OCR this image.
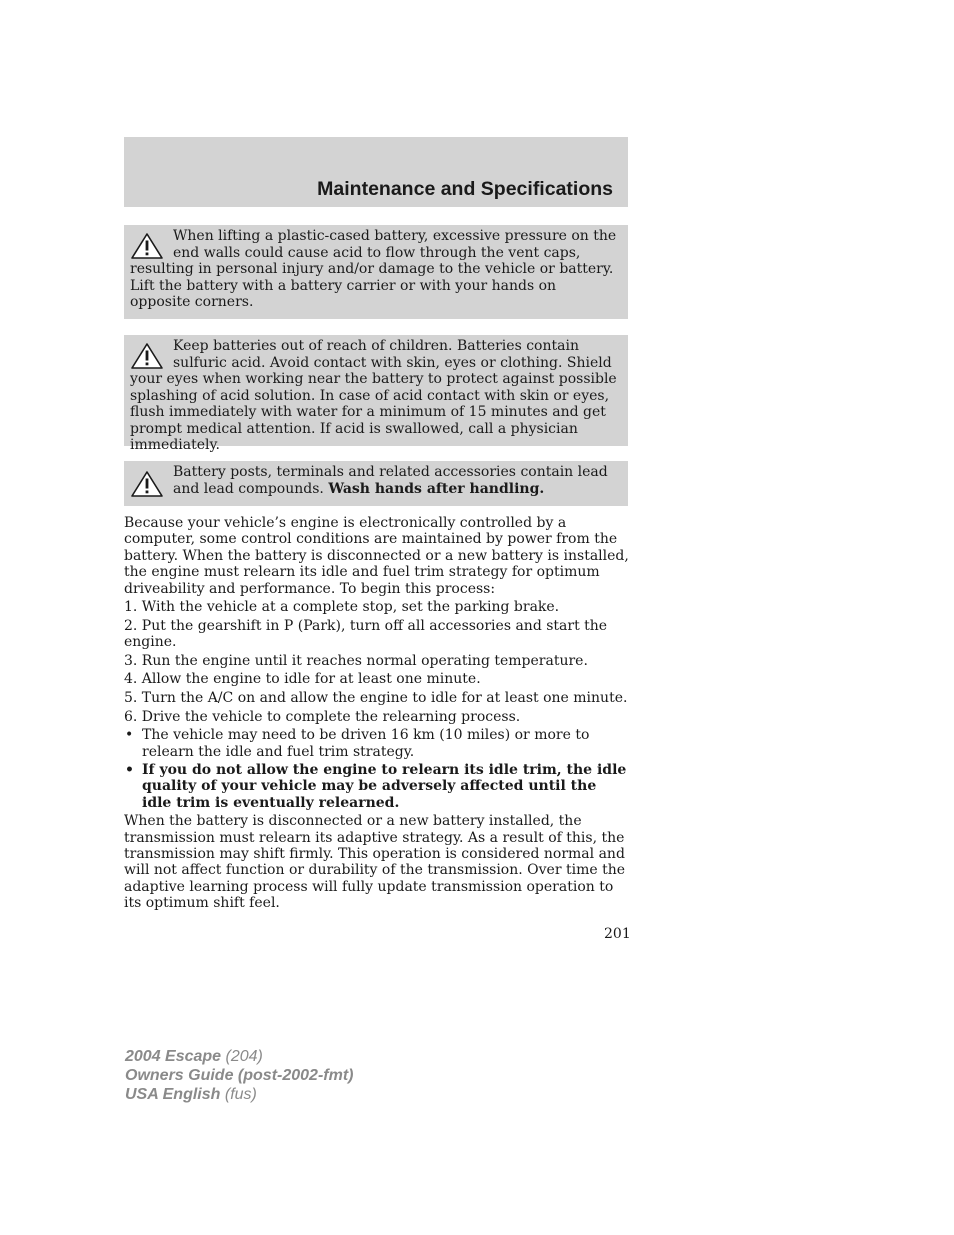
Maintenance and Specifications
When lifting a plastic-cased battery, excessive pressure on the end walls could cause acid to flow through the vent caps, resulting in personal injury and/or damage to the vehicle or battery. Lift the battery with a battery carrier or with your hands on opposite corners.
Keep batteries out of reach of children. Batteries contain sulfuric acid. Avoid contact with skin, eyes or clothing. Shield your eyes when working near the battery to protect against possible splashing of acid solution. In case of acid contact with skin or eyes, flush immediately with water for a minimum of 15 minutes and get prompt medical attention. If acid is swallowed, call a physician immediately.
Battery posts, terminals and related accessories contain lead and lead compounds. Wash hands after handling.

Because your vehicle’s engine is electronically controlled by a computer, some control conditions are maintained by power from the battery. When the battery is disconnected or a new battery is installed, the engine must relearn its idle and fuel trim strategy for optimum driveability and performance. To begin this process:

1. With the vehicle at a complete stop, set the parking brake.

2. Put the gearshift in P (Park), turn off all accessories and start the engine.

3. Run the engine until it reaches normal operating temperature.

4. Allow the engine to idle for at least one minute.

5. Turn the A/C on and allow the engine to idle for at least one minute.

6. Drive the vehicle to complete the relearning process.

• The vehicle may need to be driven 16 km (10 miles) or more to relearn the idle and fuel trim strategy.
• If you do not allow the engine to relearn its idle trim, the idle quality of your vehicle may be adversely affected until the idle trim is eventually relearned.

When the battery is disconnected or a new battery installed, the transmission must relearn its adaptive strategy. As a result of this, the transmission may shift firmly. This operation is considered normal and will not affect function or durability of the transmission. Over time the adaptive learning process will fully update transmission operation to its optimum shift feel.

201
2004 Escape (204)
Owners Guide (post-2002-fmt)
USA English (fus)
